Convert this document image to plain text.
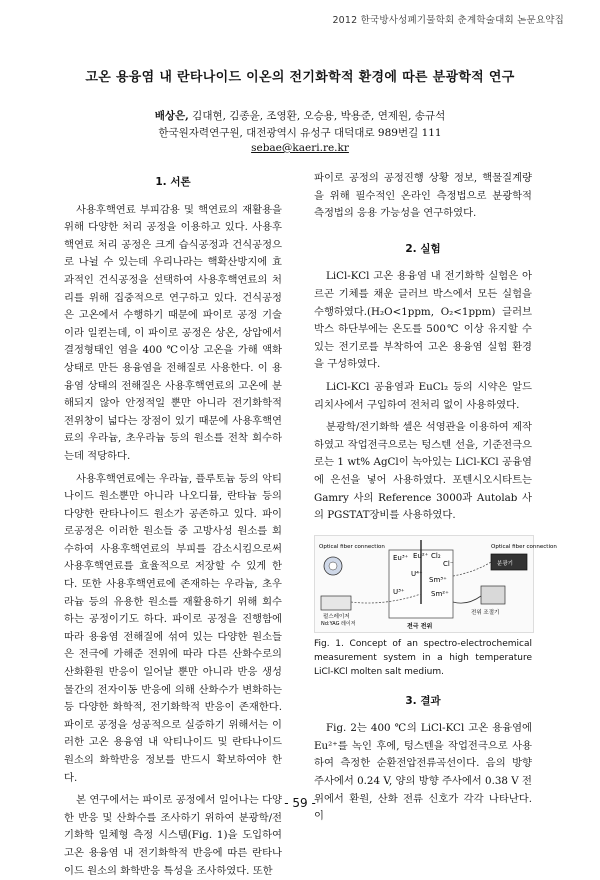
2012 한국방사성폐기물학회 춘계학술대회 논문요약집
고온 용융염 내 란타나이드 이온의 전기화학적 환경에 따른 분광학적 연구
배상은, 김대현, 김종윤, 조영환, 오승용, 박용준, 연제원, 송규석
한국원자력연구원, 대전광역시 유성구 대덕대로 989번길 111
sebae@kaeri.re.kr
1. 서론

사용후핵연료 부피감용 및 핵연료의 재활용을 위해 다양한 처리 공정을 이용하고 있다. 사용후핵연료 처리 공정은 크게 습식공정과 건식공정으로 나뉠 수 있는데 우리나라는 핵확산방지에 효과적인 건식공정을 선택하여 사용후핵연료의 처리를 위해 집중적으로 연구하고 있다. 건식공정은 고온에서 수행하기 때문에 파이로 공정 기술이라 일컫는데, 이 파이로 공정은 상온, 상압에서 결정형태인 염을 400 ℃이상 고온을 가해 액화상태로 만든 용융염을 전해질로 사용한다. 이 용융염 상태의 전해질은 사용후핵연료의 고온에 분해되지 않아 안정적일 뿐만 아니라 전기화학적 전위창이 넓다는 장점이 있기 때문에 사용후핵연료의 우라늄, 초우라늄 등의 원소를 전착 회수하는데 적당하다.

사용후핵연료에는 우라늄, 플루토늄 등의 악티나이드 원소뿐만 아니라 나오디뮴, 란타늄 등의 다양한 란타나이드 원소가 공존하고 있다. 파이로공정은 이러한 원소들 중 고방사성 원소를 회수하여 사용후핵연료의 부피를 감소시킴으로써 사용후핵연료를 효율적으로 저장할 수 있게 한다. 또한 사용후핵연료에 존재하는 우라늄, 초우라늄 등의 유용한 원소를 재활용하기 위해 회수하는 공정이기도 하다. 파이로 공정을 진행함에 따라 용융염 전해질에 섞여 있는 다양한 원소들은 전극에 가해준 전위에 따라 다른 산화수로의 산화환원 반응이 일어날 뿐만 아니라 반응 생성물간의 전자이동 반응에 의해 산화수가 변화하는 등 다양한 화학적, 전기화학적 반응이 존재한다. 파이로 공정을 성공적으로 실증하기 위해서는 이러한 고온 용융염 내 악티나이드 및 란타나이드 원소의 화학반응 정보를 반드시 확보하여야 한다.

본 연구에서는 파이로 공정에서 일어나는 다양한 반응 및 산화수를 조사하기 위하여 분광학/전기화학 일체형 측정 시스템(Fig. 1)을 도입하여 고온 용융염 내 전기화학적 반응에 따른 란타나이드 원소의 화학반응 특성을 조사하였다. 또한

파이로 공정의 공정진행 상황 정보, 핵물질계량을 위해 필수적인 온라인 측정법으로 분광학적 측정법의 응용 가능성을 연구하였다.

2. 실험

LiCl-KCl 고온 용융염 내 전기화학 실험은 아르곤 기체를 채운 글러브 박스에서 모든 실험을 수행하였다.(H₂O<1ppm, O₂<1ppm) 글러브 박스 하단부에는 온도를 500℃ 이상 유지할 수 있는 전기로를 부착하여 고온 용융염 실험 환경을 구성하였다.

LiCl-KCl 공융염과 EuCl₂ 등의 시약은 알드리치사에서 구입하여 전처리 없이 사용하였다.

분광학/전기화학 셀은 석영관을 이용하여 제작하였고 작업전극으로는 텅스텐 선을, 기준전극으로는 1 wt% AgCl이 녹아있는 LiCl-KCl 공융염에 은선을 넣어 사용하였다. 포텐시오시타트는 Gamry 사의 Reference 3000과 Autolab 사의 PGSTAT장비를 사용하였다.

Optical fiber connection
펄스레이저
Nd:YAG 레이저
Eu³⁺ Eu²⁺ Cl₂
Cl⁻
U⁴⁺
Sm³⁺
U³⁺	Sm²⁺
전극 전위
Optical fiber connection
분광기
전위 조절기
Fig. 1. Concept of an spectro-electrochemical measurement system in a high temperature LiCl-KCl molten salt medium.
3. 결과

Fig. 2는 400 ℃의 LiCl-KCl 고온 용융염에 Eu²⁺를 녹인 후에, 텅스텐을 작업전극으로 사용하여 측정한 순환전압전류곡선이다. 음의 방향 주사에서 0.24 V, 양의 방향 주사에서 0.38 V 전위에서 환원, 산화 전류 신호가 각각 나타난다. 이

- 59 -
